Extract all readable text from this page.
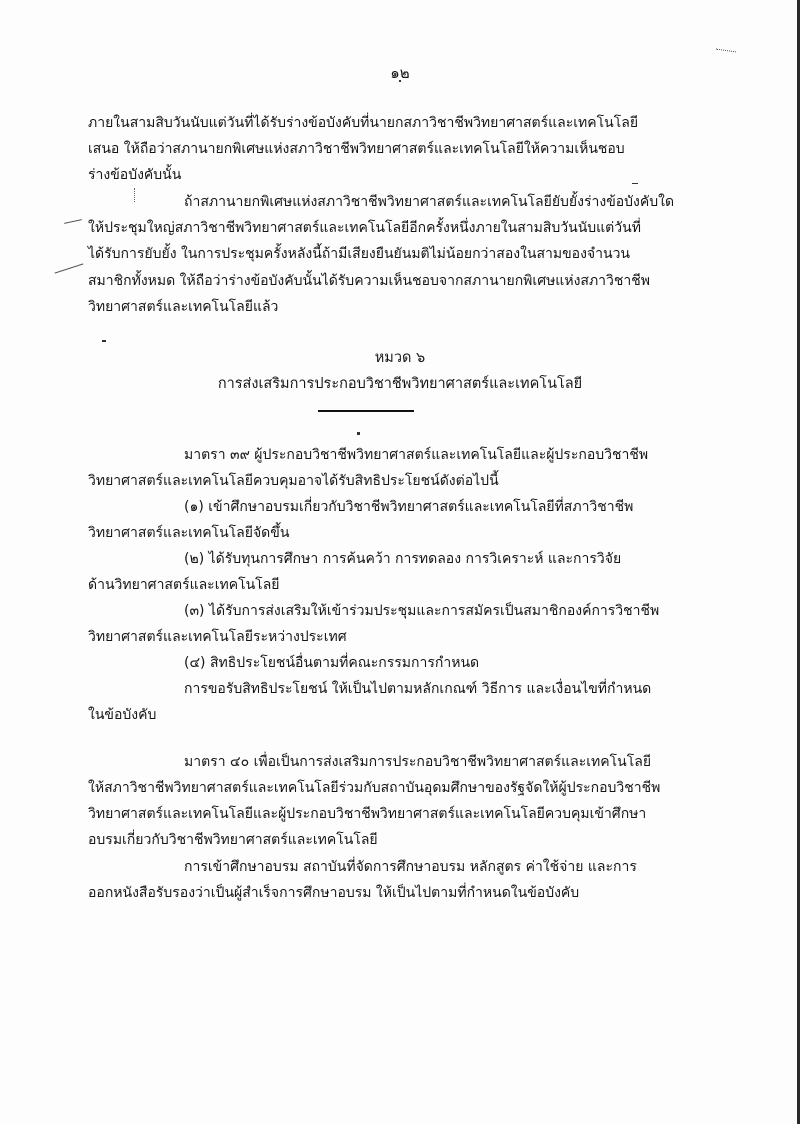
๑๒
ภายในสามสิบวันนับแต่วันที่ได้รับร่างข้อบังคับที่นายกสภาวิชาชีพวิทยาศาสตร์และเทคโนโลยี
เสนอ ให้ถือว่าสภานายกพิเศษแห่งสภาวิชาชีพวิทยาศาสตร์และเทคโนโลยีให้ความเห็นชอบ
ร่างข้อบังคับนั้น
ถ้าสภานายกพิเศษแห่งสภาวิชาชีพวิทยาศาสตร์และเทคโนโลยียับยั้งร่างข้อบังคับใด
ให้ประชุมใหญ่สภาวิชาชีพวิทยาศาสตร์และเทคโนโลยีอีกครั้งหนึ่งภายในสามสิบวันนับแต่วันที่
ได้รับการยับยั้ง ในการประชุมครั้งหลังนี้ถ้ามีเสียงยืนยันมติไม่น้อยกว่าสองในสามของจำนวน
สมาชิกทั้งหมด ให้ถือว่าร่างข้อบังคับนั้นได้รับความเห็นชอบจากสภานายกพิเศษแห่งสภาวิชาชีพ
วิทยาศาสตร์และเทคโนโลยีแล้ว
หมวด ๖
การส่งเสริมการประกอบวิชาชีพวิทยาศาสตร์และเทคโนโลยี
มาตรา ๓๙ ผู้ประกอบวิชาชีพวิทยาศาสตร์และเทคโนโลยีและผู้ประกอบวิชาชีพ
วิทยาศาสตร์และเทคโนโลยีควบคุมอาจได้รับสิทธิประโยชน์ดังต่อไปนี้
(๑) เข้าศึกษาอบรมเกี่ยวกับวิชาชีพวิทยาศาสตร์และเทคโนโลยีที่สภาวิชาชีพ
วิทยาศาสตร์และเทคโนโลยีจัดขึ้น
(๒) ได้รับทุนการศึกษา การค้นคว้า การทดลอง การวิเคราะห์ และการวิจัย
ด้านวิทยาศาสตร์และเทคโนโลยี
(๓) ได้รับการส่งเสริมให้เข้าร่วมประชุมและการสมัครเป็นสมาชิกองค์การวิชาชีพ
วิทยาศาสตร์และเทคโนโลยีระหว่างประเทศ
(๔) สิทธิประโยชน์อื่นตามที่คณะกรรมการกำหนด
การขอรับสิทธิประโยชน์ ให้เป็นไปตามหลักเกณฑ์ วิธีการ และเงื่อนไขที่กำหนด
ในข้อบังคับ
มาตรา ๔๐ เพื่อเป็นการส่งเสริมการประกอบวิชาชีพวิทยาศาสตร์และเทคโนโลยี
ให้สภาวิชาชีพวิทยาศาสตร์และเทคโนโลยีร่วมกับสถาบันอุดมศึกษาของรัฐจัดให้ผู้ประกอบวิชาชีพ
วิทยาศาสตร์และเทคโนโลยีและผู้ประกอบวิชาชีพวิทยาศาสตร์และเทคโนโลยีควบคุมเข้าศึกษา
อบรมเกี่ยวกับวิชาชีพวิทยาศาสตร์และเทคโนโลยี
การเข้าศึกษาอบรม สถาบันที่จัดการศึกษาอบรม หลักสูตร ค่าใช้จ่าย และการ
ออกหนังสือรับรองว่าเป็นผู้สำเร็จการศึกษาอบรม ให้เป็นไปตามที่กำหนดในข้อบังคับ
